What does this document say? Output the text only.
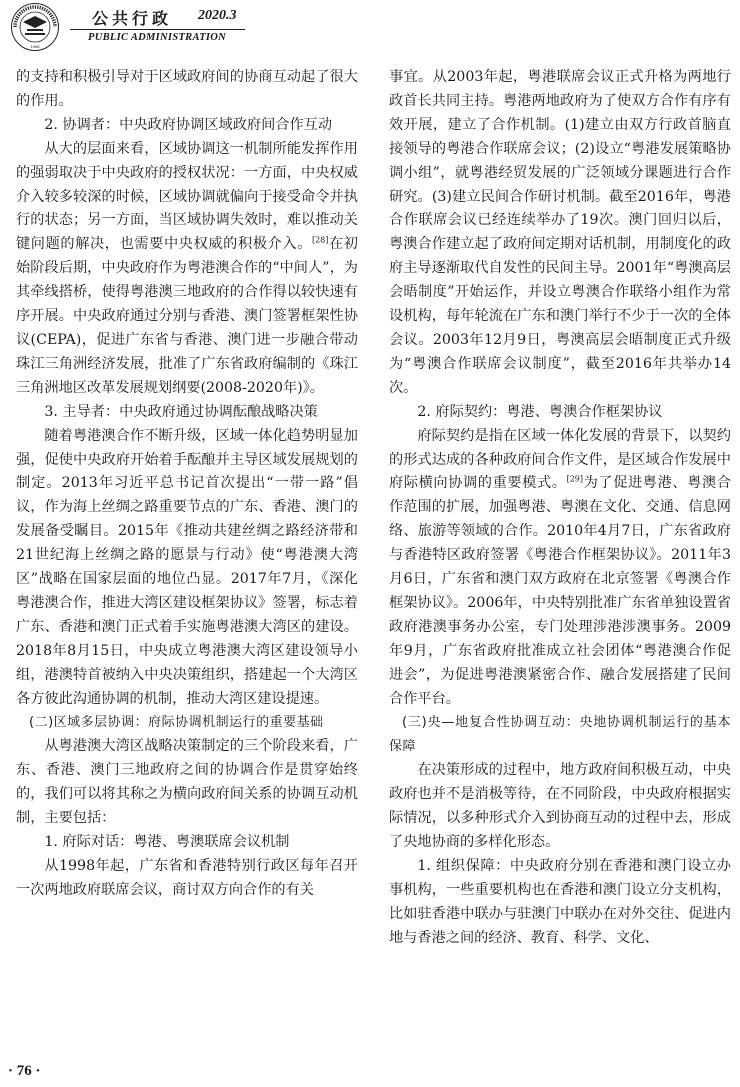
1958
公共行政 2020.3
PUBLIC ADMINISTRATION

的支持和积极引导对于区域政府间的协商互动起了很大的作用。

2. 协调者：中央政府协调区域政府间合作互动

从大的层面来看，区域协调这一机制所能发挥作用的强弱取决于中央政府的授权状况：一方面，中央权威介入较多较深的时候，区域协调就偏向于接受命令并执行的状态；另一方面，当区域协调失效时，难以推动关键问题的解决，也需要中央权威的积极介入。[28]在初始阶段后期，中央政府作为粤港澳合作的“中间人”，为其牵线搭桥，使得粤港澳三地政府的合作得以较快速有序开展。中央政府通过分别与香港、澳门签署框架性协议(CEPA)，促进广东省与香港、澳门进一步融合带动珠江三角洲经济发展，批准了广东省政府编制的《珠江三角洲地区改革发展规划纲要(2008-2020年)》。

3. 主导者：中央政府通过协调酝酿战略决策

随着粤港澳合作不断升级，区域一体化趋势明显加强，促使中央政府开始着手酝酿并主导区域发展规划的制定。2013年习近平总书记首次提出“一带一路”倡议，作为海上丝绸之路重要节点的广东、香港、澳门的发展备受瞩目。2015年《推动共建丝绸之路经济带和21世纪海上丝绸之路的愿景与行动》使“粤港澳大湾区”战略在国家层面的地位凸显。2017年7月，《深化粤港澳合作，推进大湾区建设框架协议》签署，标志着广东、香港和澳门正式着手实施粤港澳大湾区的建设。2018年8月15日，中央成立粤港澳大湾区建设领导小组，港澳特首被纳入中央决策组织，搭建起一个大湾区各方彼此沟通协调的机制，推动大湾区建设提速。

(二)区域多层协调：府际协调机制运行的重要基础

从粤港澳大湾区战略决策制定的三个阶段来看，广东、香港、澳门三地政府之间的协调合作是贯穿始终的，我们可以将其称之为横向政府间关系的协调互动机制，主要包括：

1. 府际对话：粤港、粤澳联席会议机制

从1998年起，广东省和香港特别行政区每年召开一次两地政府联席会议，商讨双方向合作的有关

事宜。从2003年起，粤港联席会议正式升格为两地行政首长共同主持。粤港两地政府为了使双方合作有序有效开展，建立了合作机制。(1)建立由双方行政首脑直接领导的粤港合作联席会议；(2)设立“粤港发展策略协调小组”，就粤港经贸发展的广泛领域分课题进行合作研究。(3)建立民间合作研讨机制。截至2016年，粤港合作联席会议已经连续举办了19次。澳门回归以后，粤澳合作建立起了政府间定期对话机制，用制度化的政府主导逐渐取代自发性的民间主导。2001年“粤澳高层会晤制度”开始运作，并设立粤澳合作联络小组作为常设机构，每年轮流在广东和澳门举行不少于一次的全体会议。2003年12月9日，粤澳高层会晤制度正式升级为“粤澳合作联席会议制度”，截至2016年共举办14次。

2. 府际契约：粤港、粤澳合作框架协议

府际契约是指在区域一体化发展的背景下，以契约的形式达成的各种政府间合作文件，是区域合作发展中府际横向协调的重要模式。[29]为了促进粤港、粤澳合作范围的扩展，加强粤港、粤澳在文化、交通、信息网络、旅游等领域的合作。2010年4月7日，广东省政府与香港特区政府签署《粤港合作框架协议》。2011年3月6日，广东省和澳门双方政府在北京签署《粤澳合作框架协议》。2006年，中央特别批准广东省单独设置省政府港澳事务办公室，专门处理涉港涉澳事务。2009年9月，广东省政府批准成立社会团体“粤港澳合作促进会”，为促进粤港澳紧密合作、融合发展搭建了民间合作平台。

(三)央—地复合性协调互动：央地协调机制运行的基本保障

在决策形成的过程中，地方政府间积极互动，中央政府也并不是消极等待，在不同阶段，中央政府根据实际情况，以多种形式介入到协商互动的过程中去，形成了央地协商的多样化形态。

1. 组织保障：中央政府分别在香港和澳门设立办事机构，一些重要机构也在香港和澳门设立分支机构，比如驻香港中联办与驻澳门中联办在对外交往、促进内地与香港之间的经济、教育、科学、文化、

· 76 ·
